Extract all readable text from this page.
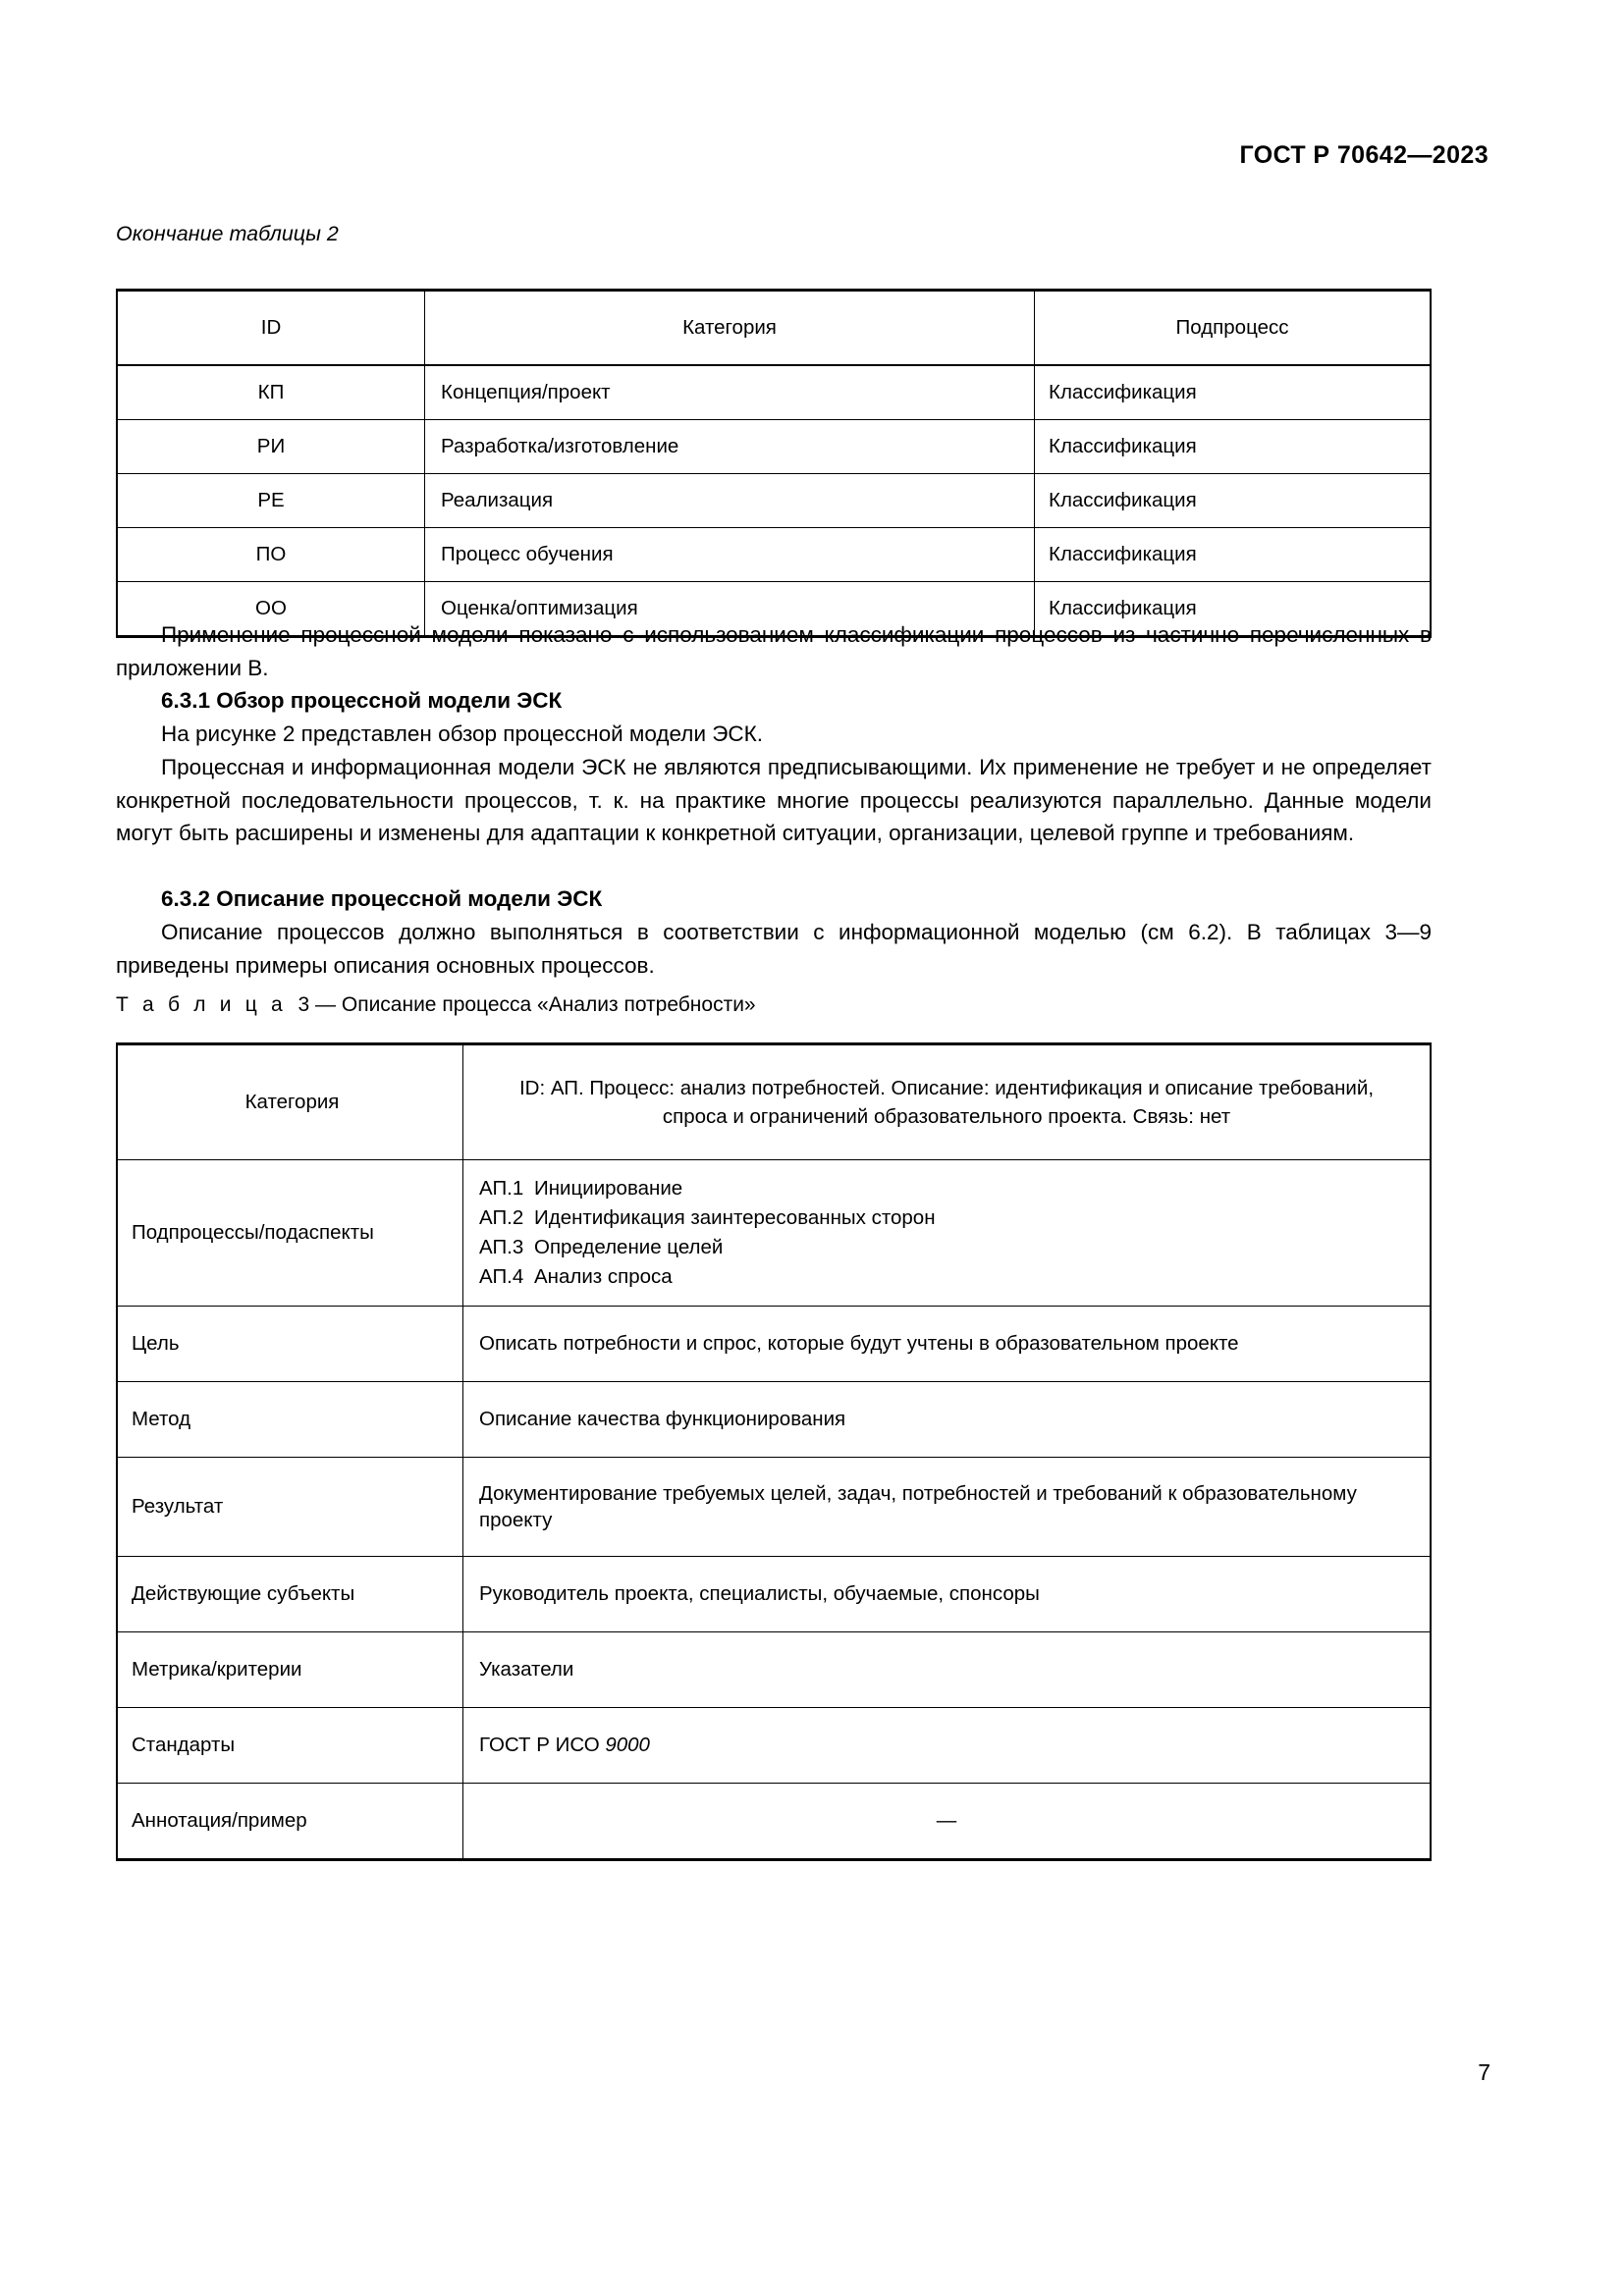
ГОСТ Р 70642—2023
Окончание таблицы 2
ID	Категория	Подпроцесс
КП	Концепция/проект	Классификация
РИ	Разработка/изготовление	Классификация
РЕ	Реализация	Классификация
ПО	Процесс обучения	Классификация
ОО	Оценка/оптимизация	Классификация
Применение процессной модели показано с использованием классификации процессов из частично перечисленных в приложении В.
6.3.1 Обзор процессной модели ЭСК
На рисунке 2 представлен обзор процессной модели ЭСК.
Процессная и информационная модели ЭСК не являются предписывающими. Их применение не требует и не определяет конкретной последовательности процессов, т. к. на практике многие процессы реализуются параллельно. Данные модели могут быть расширены и изменены для адаптации к конкретной ситуации, организации, целевой группе и требованиям.
6.3.2 Описание процессной модели ЭСК
Описание процессов должно выполняться в соответствии с информационной моделью (см 6.2). В таблицах 3—9 приведены примеры описания основных процессов.
Т а б л и ц а 3 — Описание процесса «Анализ потребности»
Категория	ID: АП. Процесс: анализ потребностей. Описание: идентификация и описание требований,
спроса и ограничений образовательного проекта. Связь: нет
Подпроцессы/подаспекты	АП.1 Инициирование
АП.2 Идентификация заинтересованных сторон
АП.3 Определение целей
АП.4 Анализ спроса

Цель	Описать потребности и спрос, которые будут учтены в образовательном проекте
Метод	Описание качества функционирования
Результат	Документирование требуемых целей, задач, потребностей и требований к образовательному проекту
Действующие субъекты	Руководитель проекта, специалисты, обучаемые, спонсоры
Метрика/критерии	Указатели
Стандарты	ГОСТ Р ИСО 9000
Аннотация/пример	—
7
